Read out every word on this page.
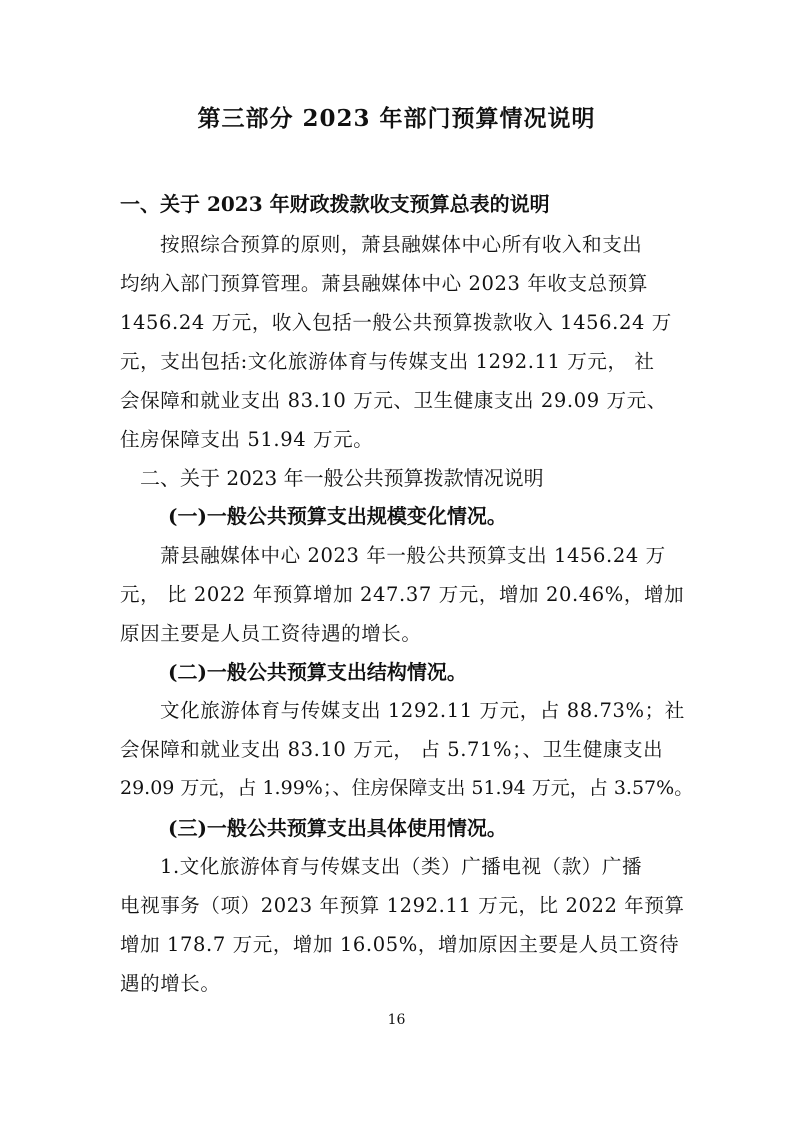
第三部分 2023 年部门预算情况说明

一、关于 2023 年财政拨款收支预算总表的说明

按照综合预算的原则，萧县融媒体中心所有收入和支出

均纳入部门预算管理。萧县融媒体中心 2023 年收支总预算

1456.24 万元，收入包括一般公共预算拨款收入 1456.24 万

元，支出包括:文化旅游体育与传媒支出 1292.11 万元， 社

会保障和就业支出 83.10 万元、卫生健康支出 29.09 万元、

住房保障支出 51.94 万元。

二、关于 2023 年一般公共预算拨款情况说明

(一)一般公共预算支出规模变化情况。

萧县融媒体中心 2023 年一般公共预算支出 1456.24 万

元， 比 2022 年预算增加 247.37 万元，增加 20.46%，增加

原因主要是人员工资待遇的增长。

(二)一般公共预算支出结构情况。

文化旅游体育与传媒支出 1292.11 万元，占 88.73%；社

会保障和就业支出 83.10 万元， 占 5.71%；、卫生健康支出

29.09 万元，占 1.99%；、住房保障支出 51.94 万元，占 3.57%。

(三)一般公共预算支出具体使用情况。

1.文化旅游体育与传媒支出（类）广播电视（款）广播

电视事务（项）2023 年预算 1292.11 万元，比 2022 年预算

增加 178.7 万元，增加 16.05%，增加原因主要是人员工资待

遇的增长。

16
